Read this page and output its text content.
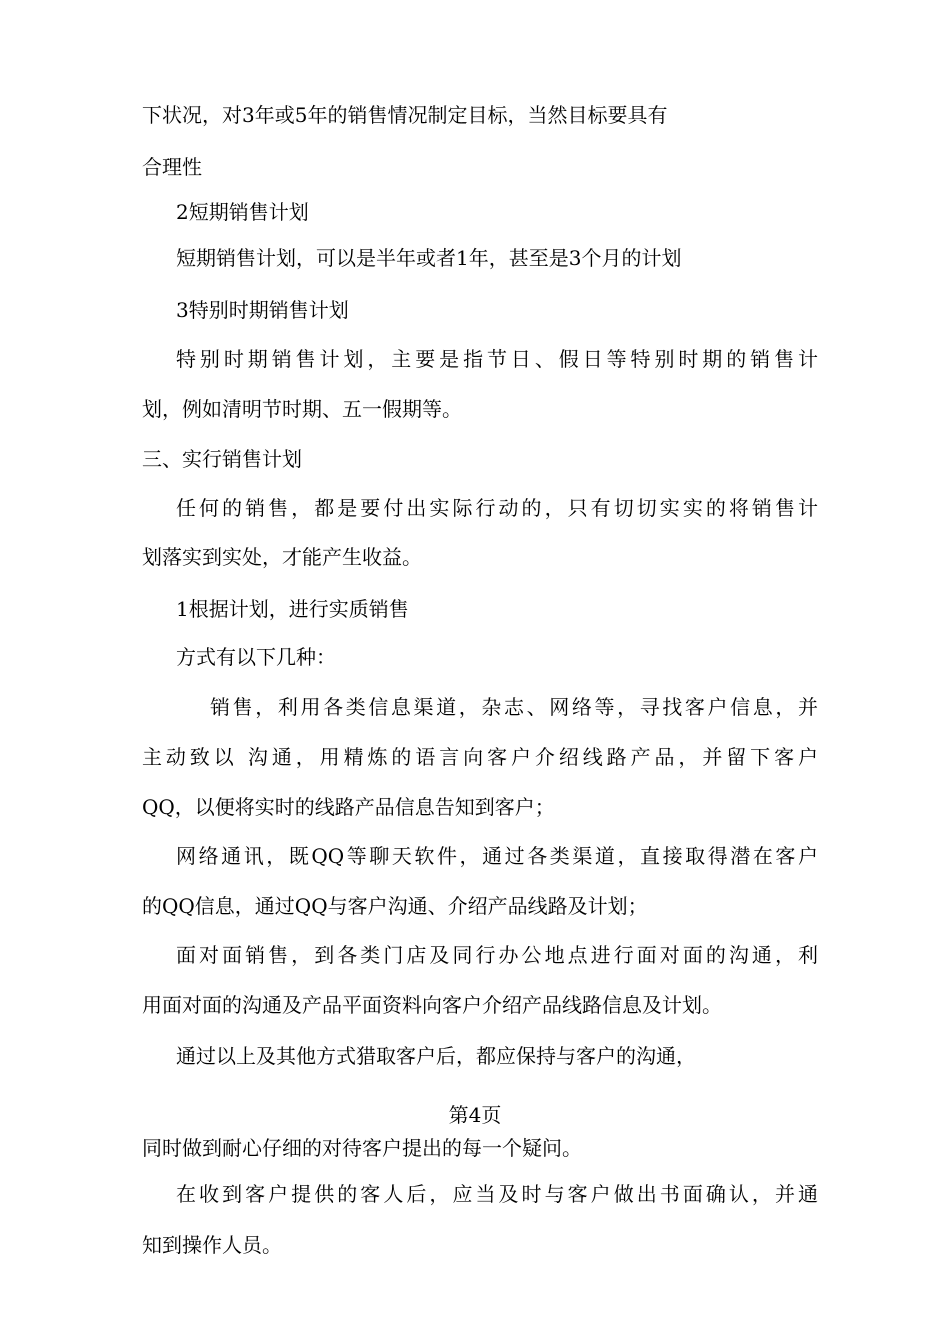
下状况，对3年或5年的销售情况制定目标，当然目标要具有
合理性
2短期销售计划
短期销售计划，可以是半年或者1年，甚至是3个月的计划
3特别时期销售计划
特别时期销售计划，主要是指节日、假日等特别时期的销售计
划，例如清明节时期、五一假期等。
三、实行销售计划
任何的销售，都是要付出实际行动的，只有切切实实的将销售计
划落实到实处，才能产生收益。
1根据计划，进行实质销售
方式有以下几种：
销售，利用各类信息渠道，杂志、网络等，寻找客户信息，并
主动致以 沟通，用精炼的语言向客户介绍线路产品，并留下客户
QQ，以便将实时的线路产品信息告知到客户；
网络通讯，既QQ等聊天软件，通过各类渠道，直接取得潜在客户
的QQ信息，通过QQ与客户沟通、介绍产品线路及计划；
面对面销售，到各类门店及同行办公地点进行面对面的沟通，利
用面对面的沟通及产品平面资料向客户介绍产品线路信息及计划。
通过以上及其他方式猎取客户后，都应保持与客户的沟通，
第4页
同时做到耐心仔细的对待客户提出的每一个疑问。
在收到客户提供的客人后，应当及时与客户做出书面确认，并通
知到操作人员。
